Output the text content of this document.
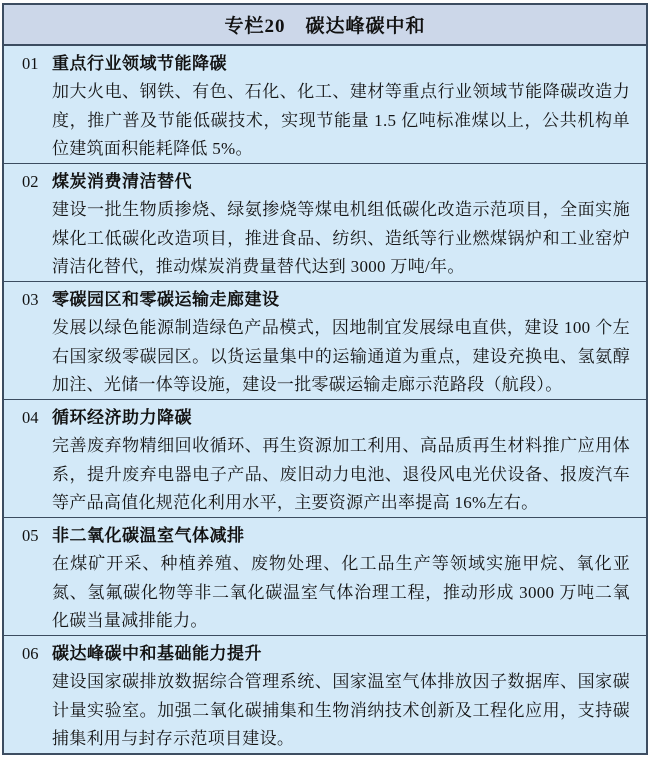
专栏20　碳达峰碳中和
01 重点行业领域节能降碳

加大火电、钢铁、有色、石化、化工、建材等重点行业领域节能降碳改造力度，推广普及节能低碳技术，实现节能量 1.5 亿吨标准煤以上，公共机构单位建筑面积能耗降低 5%。

02 煤炭消费清洁替代

建设一批生物质掺烧、绿氨掺烧等煤电机组低碳化改造示范项目，全面实施煤化工低碳化改造项目，推进食品、纺织、造纸等行业燃煤锅炉和工业窑炉清洁化替代，推动煤炭消费量替代达到 3000 万吨/年。

03 零碳园区和零碳运输走廊建设

发展以绿色能源制造绿色产品模式，因地制宜发展绿电直供，建设 100 个左右国家级零碳园区。以货运量集中的运输通道为重点，建设充换电、氢氨醇加注、光储一体等设施，建设一批零碳运输走廊示范路段（航段）。

04 循环经济助力降碳

完善废弃物精细回收循环、再生资源加工利用、高品质再生材料推广应用体系，提升废弃电器电子产品、废旧动力电池、退役风电光伏设备、报废汽车等产品高值化规范化利用水平，主要资源产出率提高 16%左右。

05 非二氧化碳温室气体减排

在煤矿开采、种植养殖、废物处理、化工品生产等领域实施甲烷、氧化亚氮、氢氟碳化物等非二氧化碳温室气体治理工程，推动形成 3000 万吨二氧化碳当量减排能力。

06 碳达峰碳中和基础能力提升

建设国家碳排放数据综合管理系统、国家温室气体排放因子数据库、国家碳计量实验室。加强二氧化碳捕集和生物消纳技术创新及工程化应用，支持碳捕集利用与封存示范项目建设。
